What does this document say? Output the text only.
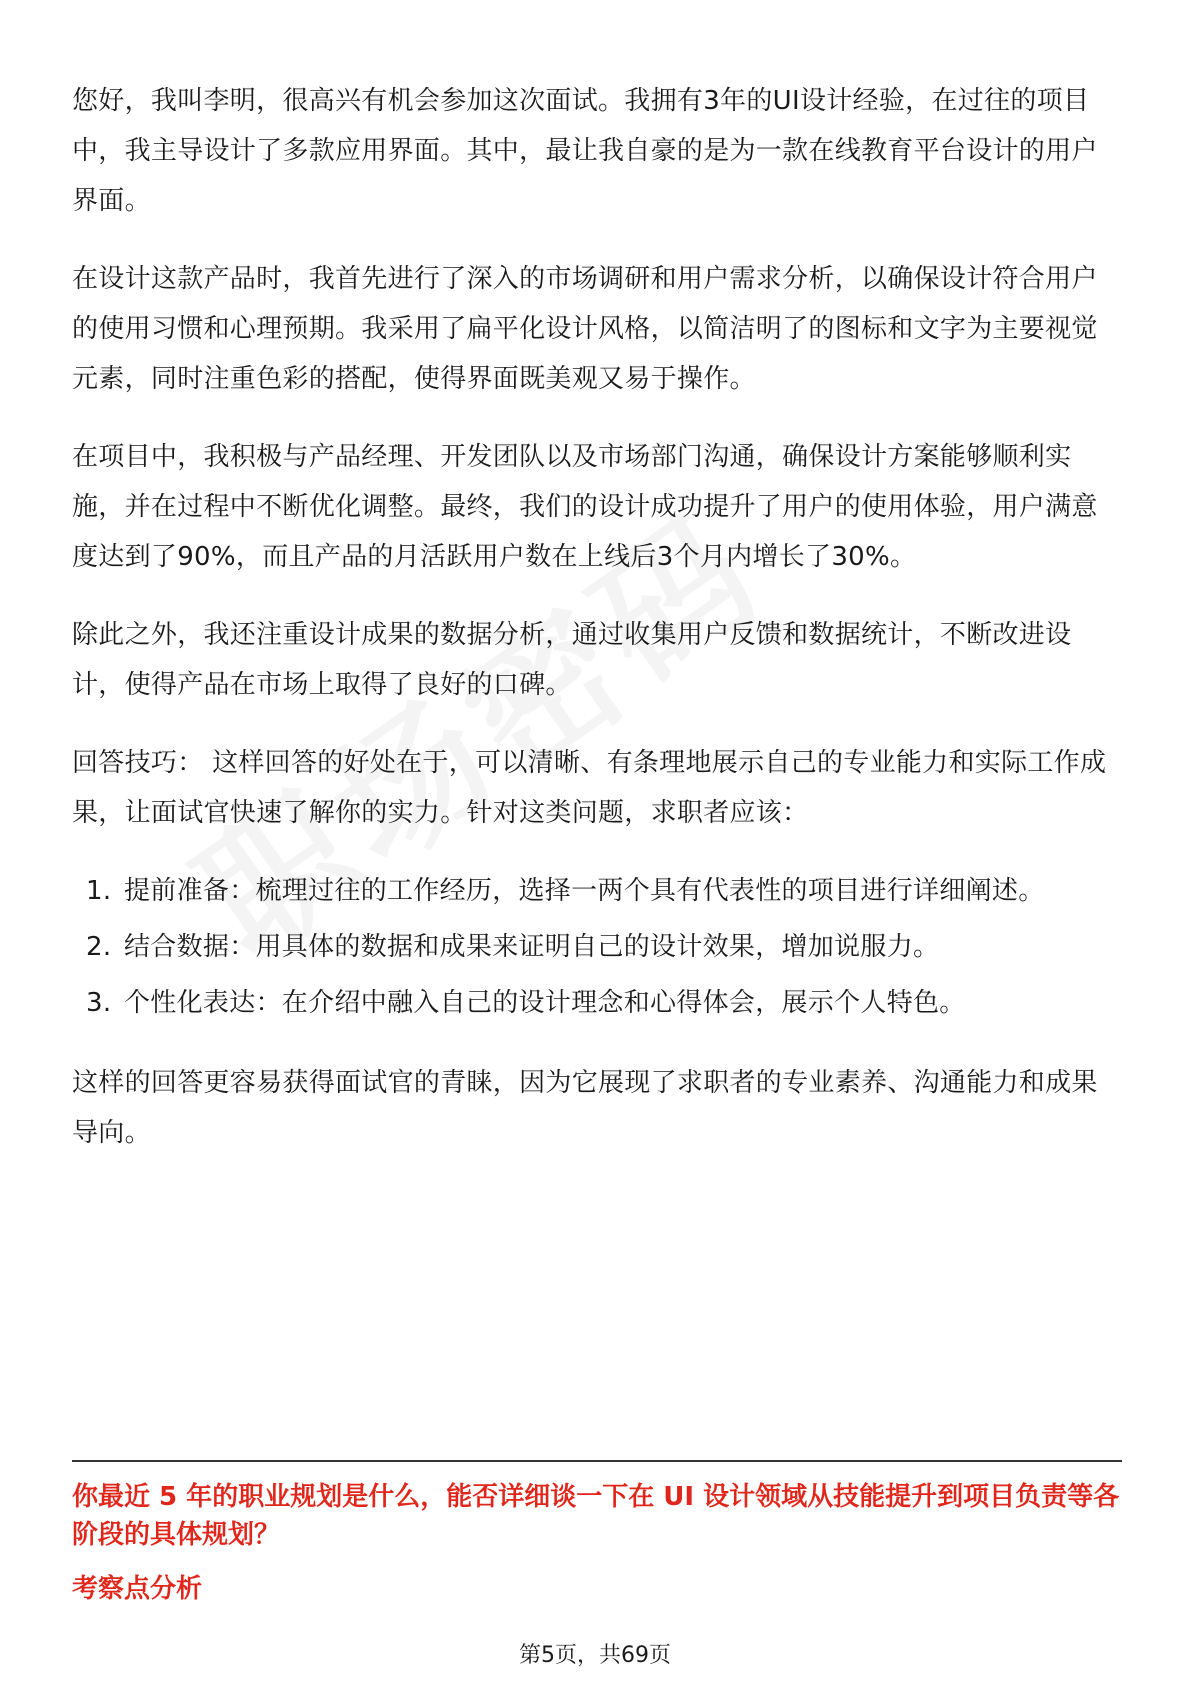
您好，我叫李明，很高兴有机会参加这次面试。我拥有3年的UI设计经验，在过往的项目中，我主导设计了多款应用界面。其中，最让我自豪的是为一款在线教育平台设计的用户界面。

在设计这款产品时，我首先进行了深入的市场调研和用户需求分析，以确保设计符合用户的使用习惯和心理预期。我采用了扁平化设计风格，以简洁明了的图标和文字为主要视觉元素，同时注重色彩的搭配，使得界面既美观又易于操作。

在项目中，我积极与产品经理、开发团队以及市场部门沟通，确保设计方案能够顺利实施，并在过程中不断优化调整。最终，我们的设计成功提升了用户的使用体验，用户满意度达到了90%，而且产品的月活跃用户数在上线后3个月内增长了30%。

除此之外，我还注重设计成果的数据分析，通过收集用户反馈和数据统计，不断改进设计，使得产品在市场上取得了良好的口碑。

回答技巧： 这样回答的好处在于，可以清晰、有条理地展示自己的专业能力和实际工作成果，让面试官快速了解你的实力。针对这类问题，求职者应该：

1. 提前准备：梳理过往的工作经历，选择一两个具有代表性的项目进行详细阐述。
2. 结合数据：用具体的数据和成果来证明自己的设计效果，增加说服力。
3. 个性化表达：在介绍中融入自己的设计理念和心得体会，展示个人特色。

这样的回答更容易获得面试官的青睐，因为它展现了求职者的专业素养、沟通能力和成果导向。

你最近 5 年的职业规划是什么，能否详细谈一下在 UI 设计领域从技能提升到项目负责等各阶段的具体规划？

考察点分析

第5页，共69页
